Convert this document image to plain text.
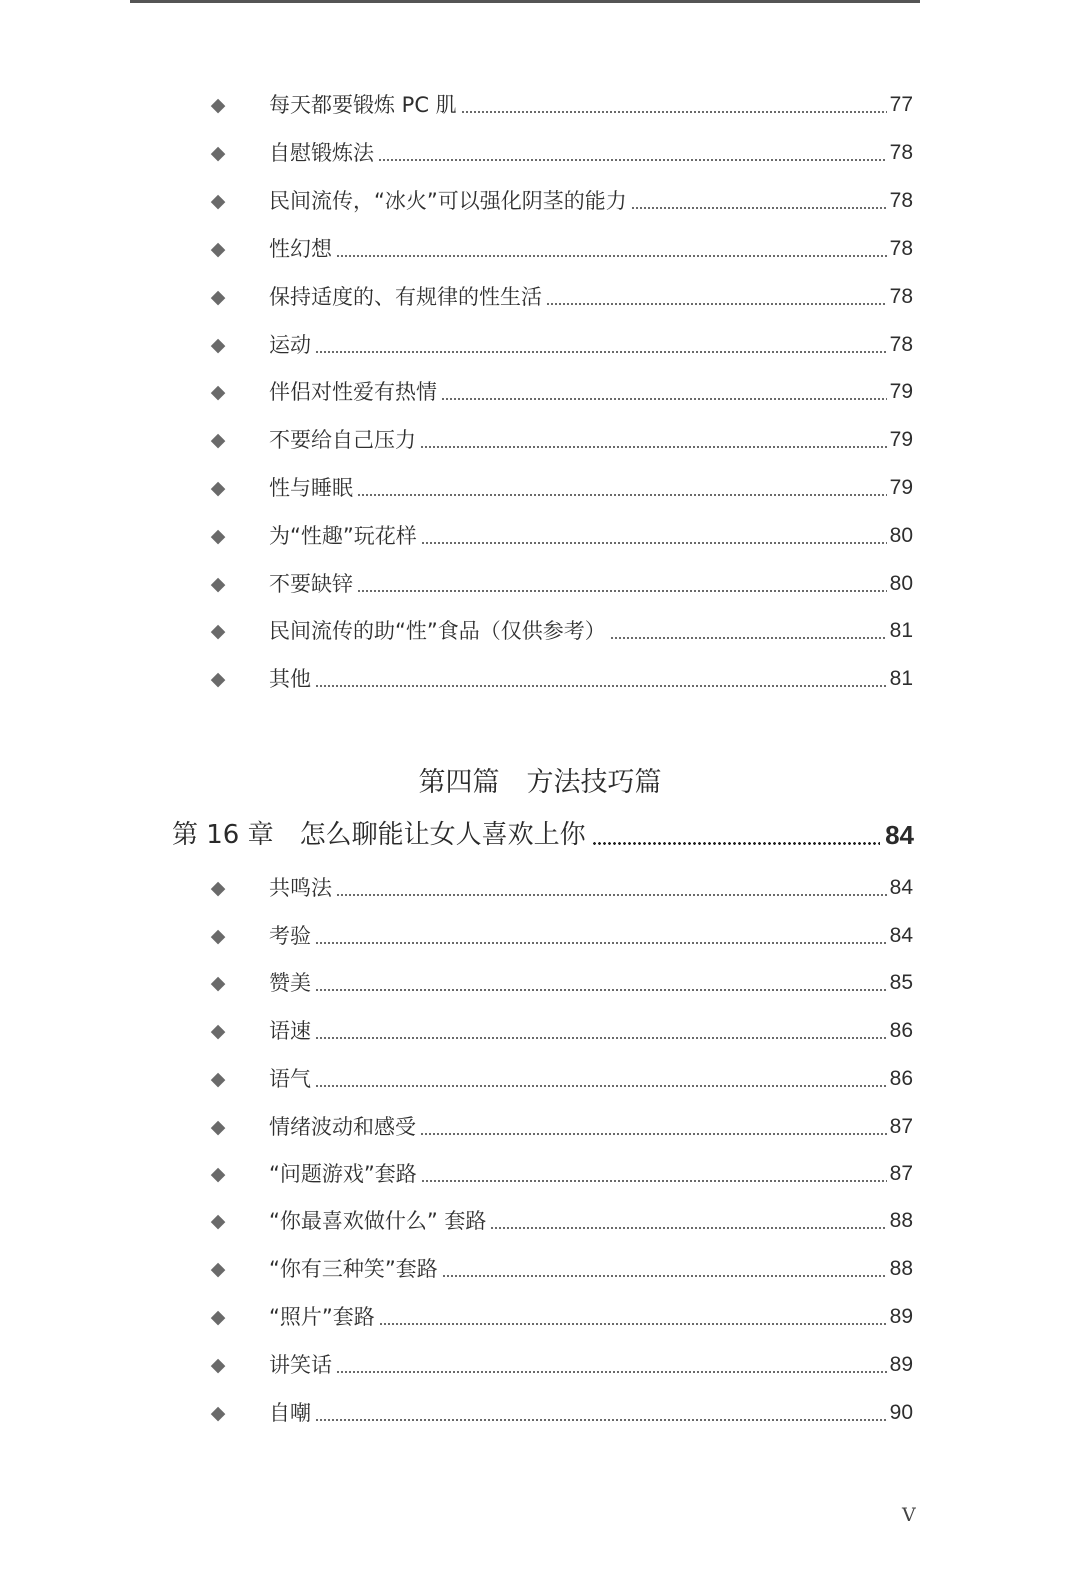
◆ 每天都要锻炼 PC 肌	77
◆ 自慰锻炼法	78
◆ 民间流传，“冰火”可以强化阴茎的能力	78
◆ 性幻想	78
◆ 保持适度的、有规律的性生活	78
◆ 运动	78
◆ 伴侣对性爱有热情	79
◆ 不要给自己压力	79
◆ 性与睡眠	79
◆ 为“性趣”玩花样	80
◆ 不要缺锌	80
◆ 民间流传的助“性”食品（仅供参考）	81
◆ 其他	81
第四篇　方法技巧篇
第 16 章　怎么聊能让女人喜欢上你	84
◆ 共鸣法	84
◆ 考验	84
◆ 赞美	85
◆ 语速	86
◆ 语气	86
◆ 情绪波动和感受	87
◆ “问题游戏”套路	87
◆ “你最喜欢做什么” 套路	88
◆ “你有三种笑”套路	88
◆ “照片”套路	89
◆ 讲笑话	89
◆ 自嘲	90
V
